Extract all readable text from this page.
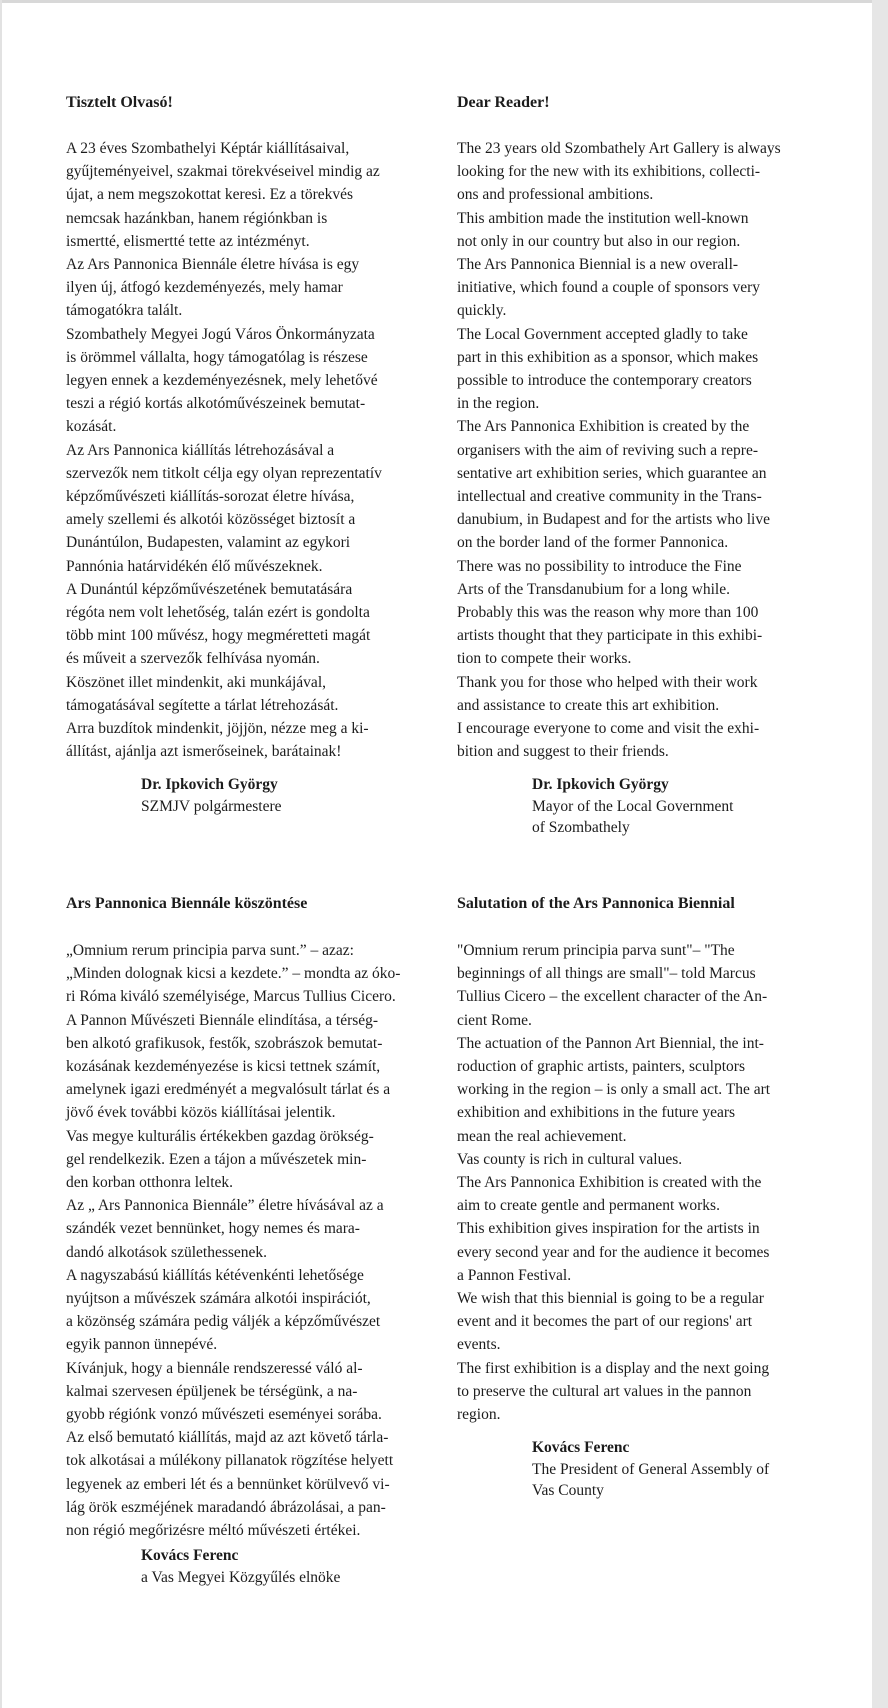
Tisztelt Olvasó!

A 23 éves Szombathelyi Képtár kiállításaival,
gyűjteményeivel, szakmai törekvéseivel mindig az
újat, a nem megszokottat keresi. Ez a törekvés
nemcsak hazánkban, hanem régiónkban is
ismertté, elismertté tette az intézményt.
Az Ars Pannonica Biennále életre hívása is egy
ilyen új, átfogó kezdeményezés, mely hamar
támogatókra talált.
Szombathely Megyei Jogú Város Önkormányzata
is örömmel vállalta, hogy támogatólag is részese
legyen ennek a kezdeményezésnek, mely lehetővé
teszi a régió kortás alkotóművészeinek bemutat-
kozását.
Az Ars Pannonica kiállítás létrehozásával a
szervezők nem titkolt célja egy olyan reprezentatív
képzőművészeti kiállítás-sorozat életre hívása,
amely szellemi és alkotói közösséget biztosít a
Dunántúlon, Budapesten, valamint az egykori
Pannónia határvidékén élő művészeknek.
A Dunántúl képzőművészetének bemutatására
régóta nem volt lehetőség, talán ezért is gondolta
több mint 100 művész, hogy megméretteti magát
és műveit a szervezők felhívása nyomán.
Köszönet illet mindenkit, aki munkájával,
támogatásával segítette a tárlat létrehozását.
Arra buzdítok mindenkit, jöjjön, nézze meg a ki-
állítást, ajánlja azt ismerőseinek, barátainak!

Dr. Ipkovich György
SZMJV polgármestere
Dear Reader!

The 23 years old Szombathely Art Gallery is always
looking for the new with its exhibitions, collecti-
ons and professional ambitions.
This ambition made the institution well-known
not only in our country but also in our region.
The Ars Pannonica Biennial is a new overall-
initiative, which found a couple of sponsors very
quickly.
The Local Government accepted gladly to take
part in this exhibition as a sponsor, which makes
possible to introduce the contemporary creators
in the region.
The Ars Pannonica Exhibition is created by the
organisers with the aim of reviving such a repre-
sentative art exhibition series, which guarantee an
intellectual and creative community in the Trans-
danubium, in Budapest and for the artists who live
on the border land of the former Pannonica.
There was no possibility to introduce the Fine
Arts of the Transdanubium for a long while.
Probably this was the reason why more than 100
artists thought that they participate in this exhibi-
tion to compete their works.
Thank you for those who helped with their work
and assistance to create this art exhibition.
I encourage everyone to come and visit the exhi-
bition and suggest to their friends.

Dr. Ipkovich György
Mayor of the Local Government
of Szombathely
Ars Pannonica Biennále köszöntése

„Omnium rerum principia parva sunt.” – azaz:
„Minden dolognak kicsi a kezdete.” – mondta az óko-
ri Róma kiváló személyisége, Marcus Tullius Cicero.
A Pannon Művészeti Biennále elindítása, a térség-
ben alkotó grafikusok, festők, szobrászok bemutat-
kozásának kezdeményezése is kicsi tettnek számít,
amelynek igazi eredményét a megvalósult tárlat és a
jövő évek további közös kiállításai jelentik.
Vas megye kulturális értékekben gazdag örökség-
gel rendelkezik. Ezen a tájon a művészetek min-
den korban otthonra leltek.
Az „ Ars Pannonica Biennále” életre hívásával az a
szándék vezet bennünket, hogy nemes és mara-
dandó alkotások születhessenek.
A nagyszabású kiállítás kétévenkénti lehetősége
nyújtson a művészek számára alkotói inspirációt,
a közönség számára pedig váljék a képzőművészet
egyik pannon ünnepévé.
Kívánjuk, hogy a biennále rendszeressé váló al-
kalmai szervesen épüljenek be térségünk, a na-
gyobb régiónk vonzó művészeti eseményei sorába.
Az első bemutató kiállítás, majd az azt követő tárla-
tok alkotásai a múlékony pillanatok rögzítése helyett
legyenek az emberi lét és a bennünket körülvevő vi-
lág örök eszméjének maradandó ábrázolásai, a pan-
non régió megőrizésre méltó művészeti értékei.

Kovács Ferenc
a Vas Megyei Közgyűlés elnöke
Salutation of the Ars Pannonica Biennial

"Omnium rerum principia parva sunt"– "The
beginnings of all things are small"– told Marcus
Tullius Cicero – the excellent character of the An-
cient Rome.
The actuation of the Pannon Art Biennial, the int-
roduction of graphic artists, painters, sculptors
working in the region – is only a small act. The art
exhibition and exhibitions in the future years
mean the real achievement.
Vas county is rich in cultural values.
The Ars Pannonica Exhibition is created with the
aim to create gentle and permanent works.
This exhibition gives inspiration for the artists in
every second year and for the audience it becomes
a Pannon Festival.
We wish that this biennial is going to be a regular
event and it becomes the part of our regions' art
events.
The first exhibition is a display and the next going
to preserve the cultural art values in the pannon
region.

Kovács Ferenc
The President of General Assembly of
Vas County
